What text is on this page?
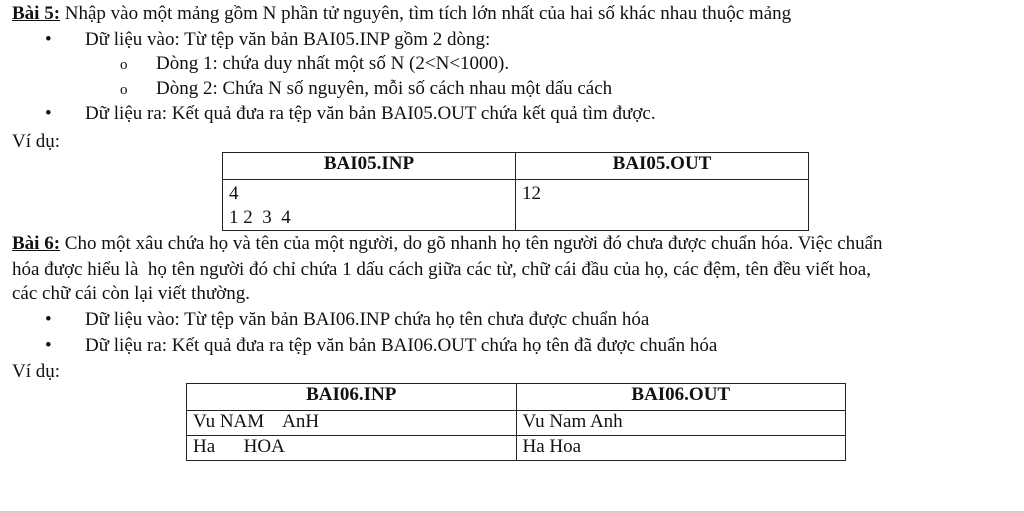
Bài 5: Nhập vào một mảng gồm N phần tử nguyên, tìm tích lớn nhất của hai số khác nhau thuộc mảng
• Dữ liệu vào: Từ tệp văn bản BAI05.INP gồm 2 dòng:
o Dòng 1: chứa duy nhất một số N (2<N<1000).
o Dòng 2: Chứa N số nguyên, mỗi số cách nhau một dấu cách
• Dữ liệu ra: Kết quả đưa ra tệp văn bản BAI05.OUT chứa kết quả tìm được.
Ví dụ:
BAI05.INP	BAI05.OUT

4
1 2  3  4	12
Bài 6: Cho một xâu chứa họ và tên của một người, do gõ nhanh họ tên người đó chưa được chuẩn hóa. Việc chuẩn
hóa được hiểu là  họ tên người đó chỉ chứa 1 dấu cách giữa các từ, chữ cái đầu của họ, các đệm, tên đều viết hoa,
các chữ cái còn lại viết thường.
• Dữ liệu vào: Từ tệp văn bản BAI06.INP chứa họ tên chưa được chuẩn hóa
• Dữ liệu ra: Kết quả đưa ra tệp văn bản BAI06.OUT chứa họ tên đã được chuẩn hóa
Ví dụ:
BAI06.INP	BAI06.OUT
Vu NAM    AnH	Vu Nam Anh
Ha      HOA	Ha Hoa
